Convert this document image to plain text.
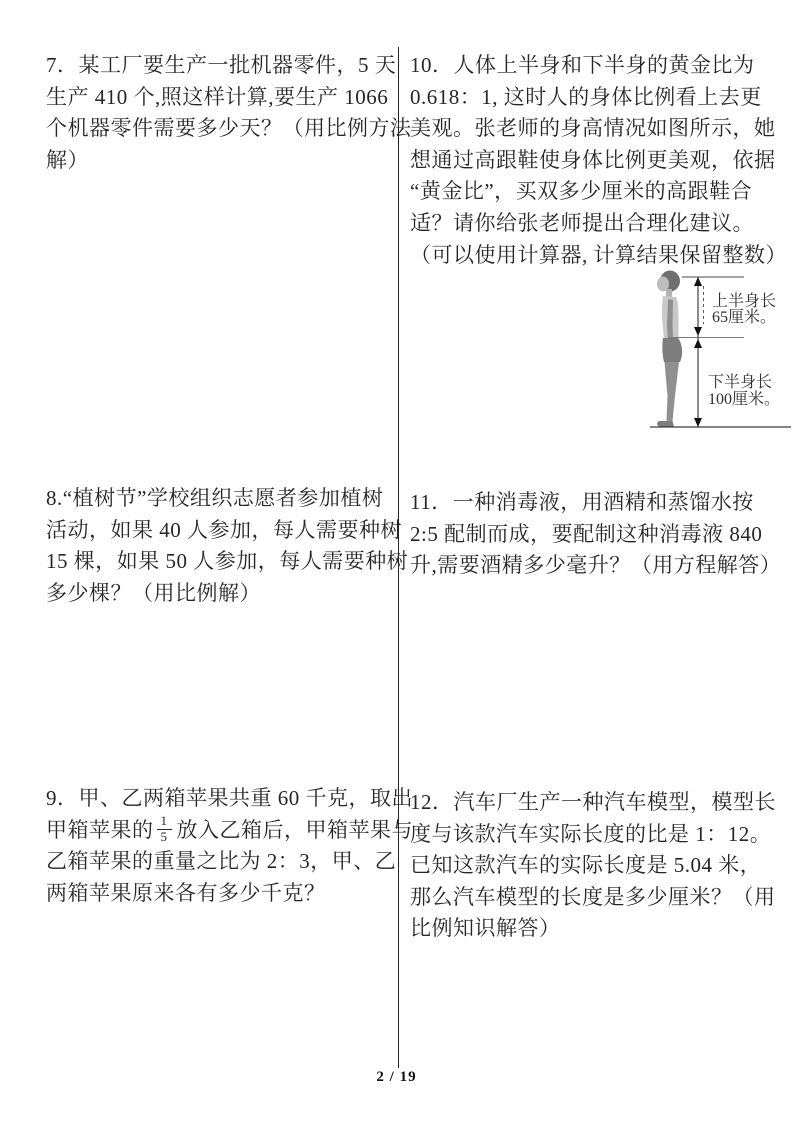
7．某工厂要生产一批机器零件，5 天
生产 410 个,照这样计算,要生产 1066
个机器零件需要多少天？（用比例方法
解）
8.“植树节”学校组织志愿者参加植树
活动，如果 40 人参加，每人需要种树
15 棵，如果 50 人参加，每人需要种树
多少棵？（用比例解）
9．甲、乙两箱苹果共重 60 千克，取出
甲箱苹果的 $\frac{1}{5}$ 放入乙箱后，甲箱苹果与
乙箱苹果的重量之比为 2：3，甲、乙
两箱苹果原来各有多少千克？
10．人体上半身和下半身的黄金比为
0.618：1, 这时人的身体比例看上去更
美观。张老师的身高情况如图所示，她
想通过高跟鞋使身体比例更美观，依据
“黄金比”，买双多少厘米的高跟鞋合
适？请你给张老师提出合理化建议。
（可以使用计算器, 计算结果保留整数）
上半身长
65厘米。
下半身长
100厘米。
11．一种消毒液，用酒精和蒸馏水按
2:5 配制而成，要配制这种消毒液 840
升,需要酒精多少毫升？（用方程解答）
12．汽车厂生产一种汽车模型，模型长
度与该款汽车实际长度的比是 1：12。
已知这款汽车的实际长度是 5.04 米，
那么汽车模型的长度是多少厘米？（用
比例知识解答）
2 / 19
